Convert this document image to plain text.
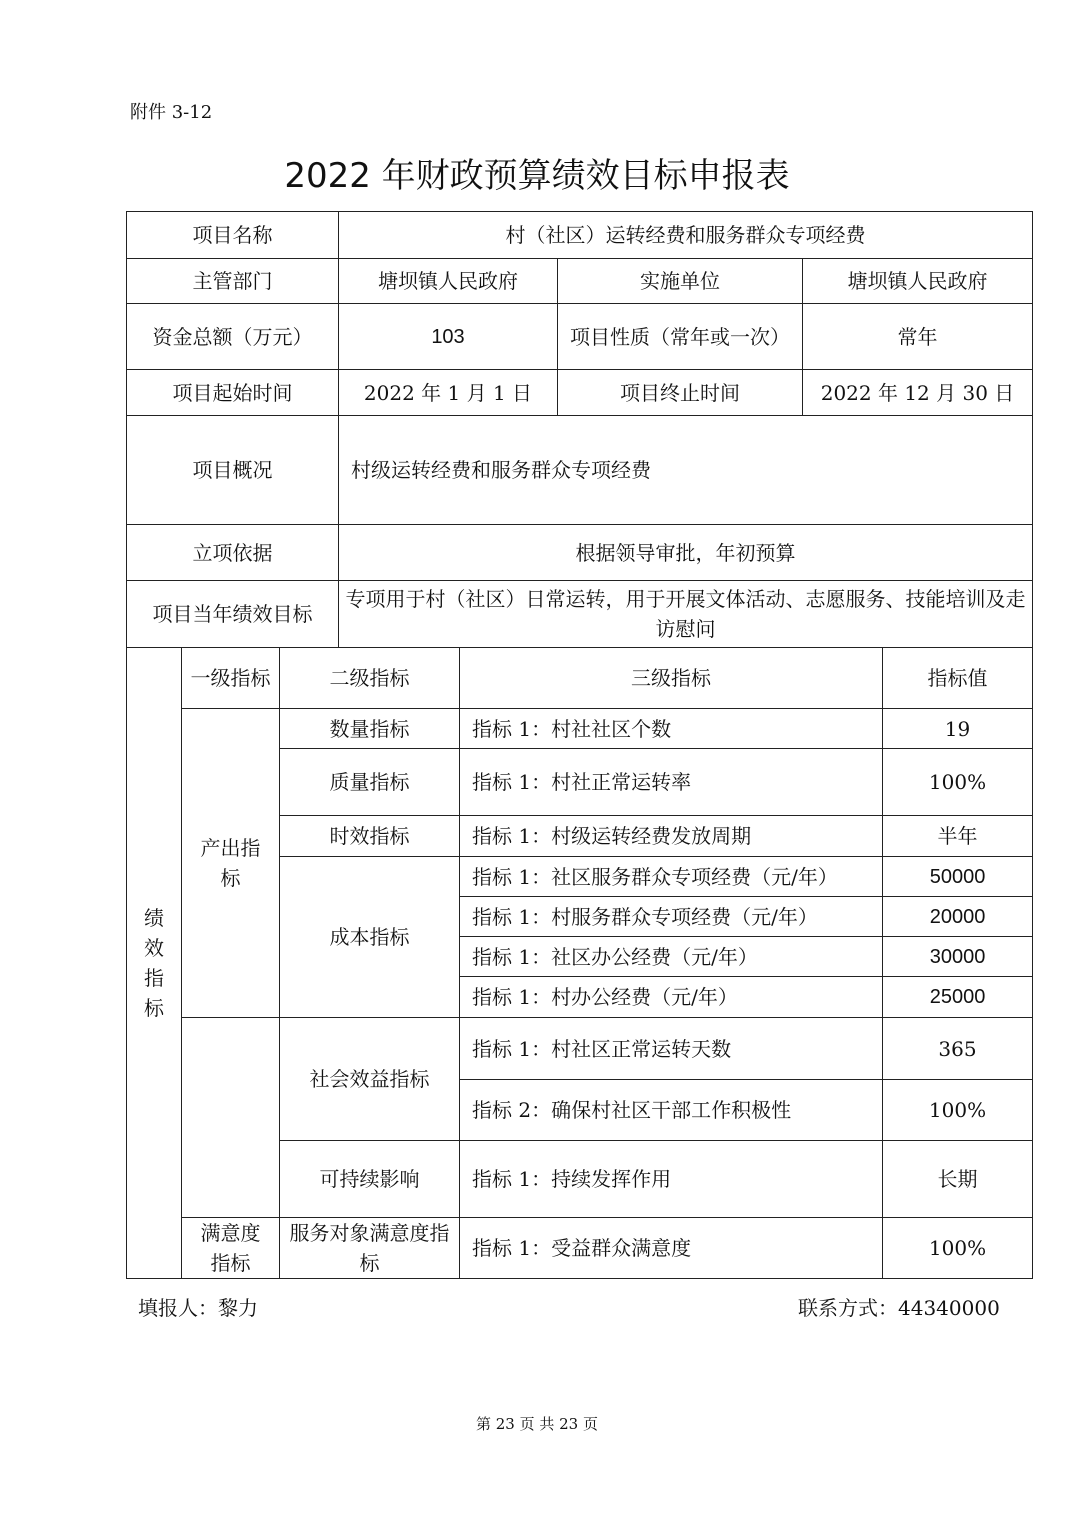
附件 3-12
2022 年财政预算绩效目标申报表
项目名称			村（社区）运转经费和服务群众专项经费				
主管部门			塘坝镇人民政府		实施单位	塘坝镇人民政府	
资金总额（万元）			103		项目性质（常年或一次）	常年	
项目起始时间			2022 年 1 月 1 日		项目终止时间	2022 年 12 月 30 日	
项目概况			村级运转经费和服务群众专项经费				
立项依据			根据领导审批，年初预算				
项目当年绩效目标			专项用于村（社区）日常运转，用于开展文体活动、志愿服务、技能培训及走访慰问				
绩效指标	一级指标	二级指标		三级指标			指标值
	产出指标	数量指标		指标 1：村社社区个数			19
		质量指标		指标 1：村社正常运转率			100%
		时效指标		指标 1：村级运转经费发放周期			半年
		成本指标		指标 1：社区服务群众专项经费（元/年）			50000
				指标 1：村服务群众专项经费（元/年）			20000
				指标 1：社区办公经费（元/年）			30000
				指标 1：村办公经费（元/年）			25000
		社会效益指标		指标 1：村社区正常运转天数			365
				指标 2：确保村社区干部工作积极性			100%
		可持续影响		指标 1：持续发挥作用			长期
	满意度指标	服务对象满意度指标		指标 1：受益群众满意度			100%
填报人：黎力	联系方式：44340000
第 23 页 共 23 页
